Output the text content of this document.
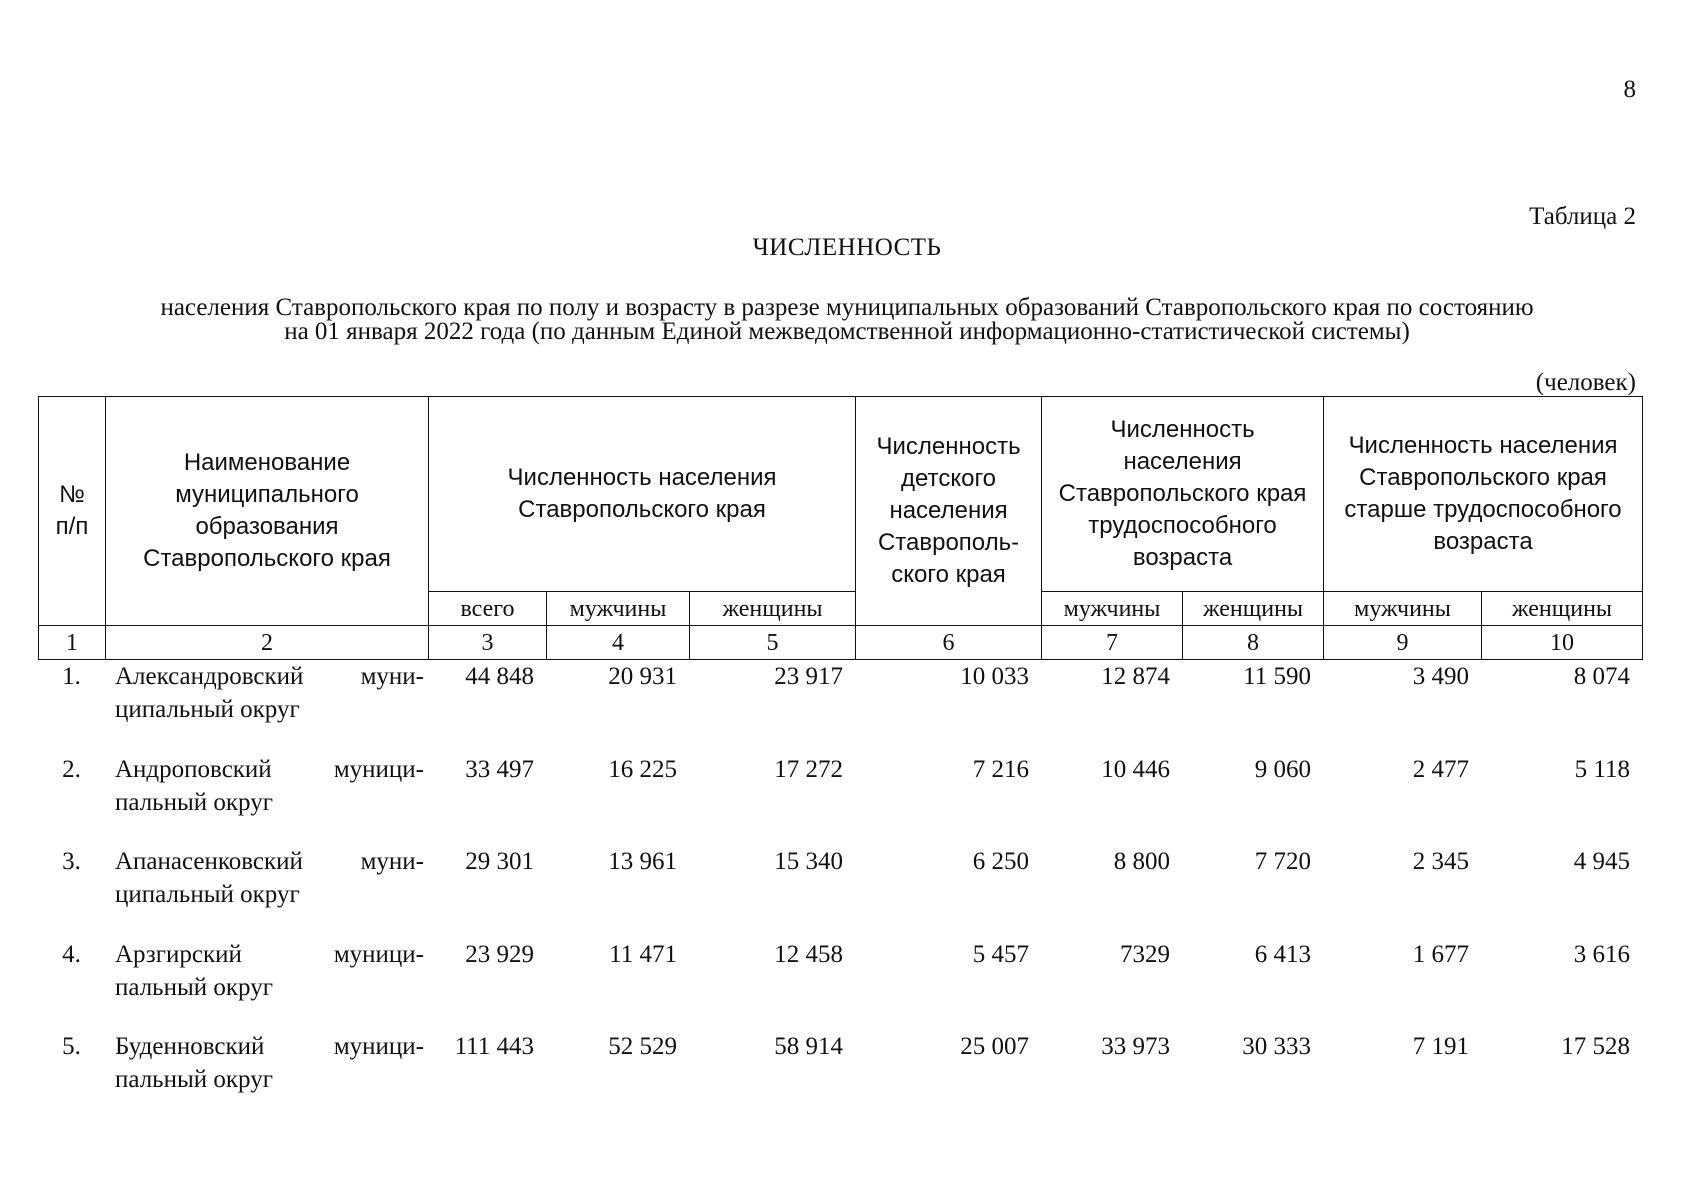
8
Таблица 2
ЧИСЛЕННОСТЬ
населения Ставропольского края по полу и возрасту в разрезе муниципальных образований Ставропольского края по состоянию
на 01 января 2022 года (по данным Единой межведомственной информационно-статистической системы)
(человек)
№ п/п	Наименование муниципального образования Ставропольского края	Численность населения Ставропольского края			Численность детского населения Ставрополь-ского края	Численность населения Ставропольского края трудоспособного возраста		Численность населения Ставропольского края старше трудоспособного возраста	
		всего	мужчины	женщины		мужчины	женщины	мужчины	женщины
1	2	3	4	5	6	7	8	9	10
1.	Александровский муни-
ципальный округ	44 848	20 931	23 917	10 033	12 874	11 590	3 490	8 074
2.	Андроповский муници-
пальный округ	33 497	16 225	17 272	7 216	10 446	9 060	2 477	5 118
3.	Апанасенковский муни-
ципальный округ	29 301	13 961	15 340	6 250	8 800	7 720	2 345	4 945
4.	Арзгирский муници-
пальный округ	23 929	11 471	12 458	5 457	7329	6 413	1 677	3 616
5.	Буденновский муници-
пальный округ	111 443	52 529	58 914	25 007	33 973	30 333	7 191	17 528
